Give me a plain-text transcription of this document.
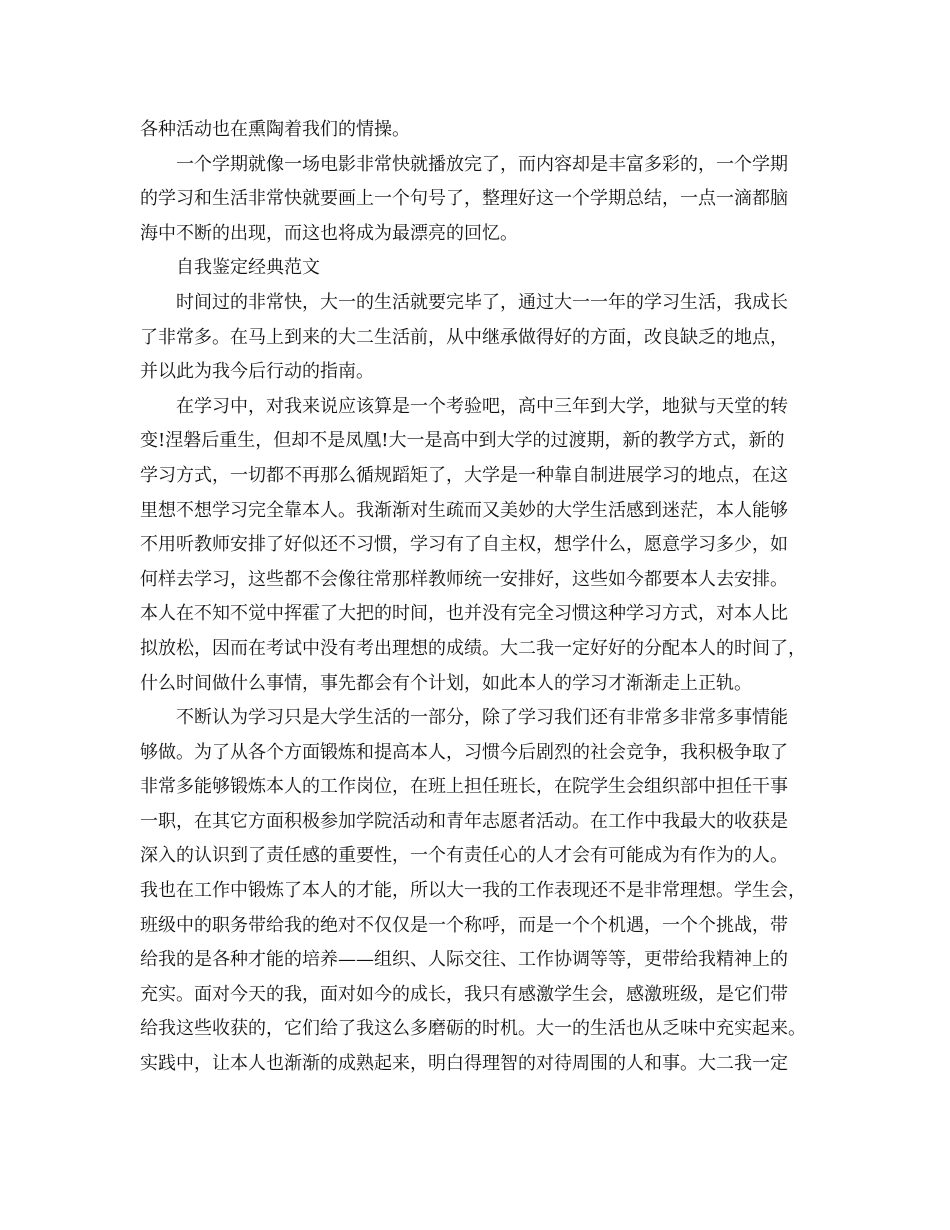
各种活动也在熏陶着我们的情操。
一个学期就像一场电影非常快就播放完了，而内容却是丰富多彩的，一个学期
的学习和生活非常快就要画上一个句号了，整理好这一个学期总结，一点一滴都脑
海中不断的出现，而这也将成为最漂亮的回忆。
自我鉴定经典范文
时间过的非常快，大一的生活就要完毕了，通过大一一年的学习生活，我成长
了非常多。在马上到来的大二生活前，从中继承做得好的方面，改良缺乏的地点，
并以此为我今后行动的指南。
在学习中，对我来说应该算是一个考验吧，高中三年到大学，地狱与天堂的转
变!涅磐后重生，但却不是凤凰!大一是高中到大学的过渡期，新的教学方式，新的
学习方式，一切都不再那么循规蹈矩了，大学是一种靠自制进展学习的地点，在这
里想不想学习完全靠本人。我渐渐对生疏而又美妙的大学生活感到迷茫，本人能够
不用听教师安排了好似还不习惯，学习有了自主权，想学什么，愿意学习多少，如
何样去学习，这些都不会像往常那样教师统一安排好，这些如今都要本人去安排。
本人在不知不觉中挥霍了大把的时间，也并没有完全习惯这种学习方式，对本人比
拟放松，因而在考试中没有考出理想的成绩。大二我一定好好的分配本人的时间了，
什么时间做什么事情，事先都会有个计划，如此本人的学习才渐渐走上正轨。
不断认为学习只是大学生活的一部分，除了学习我们还有非常多非常多事情能
够做。为了从各个方面锻炼和提高本人，习惯今后剧烈的社会竞争，我积极争取了
非常多能够锻炼本人的工作岗位，在班上担任班长，在院学生会组织部中担任干事
一职，在其它方面积极参加学院活动和青年志愿者活动。在工作中我最大的收获是
深入的认识到了责任感的重要性，一个有责任心的人才会有可能成为有作为的人。
我也在工作中锻炼了本人的才能，所以大一我的工作表现还不是非常理想。学生会，
班级中的职务带给我的绝对不仅仅是一个称呼，而是一个个机遇，一个个挑战，带
给我的是各种才能的培养——组织、人际交往、工作协调等等，更带给我精神上的
充实。面对今天的我，面对如今的成长，我只有感激学生会，感激班级，是它们带
给我这些收获的，它们给了我这么多磨砺的时机。大一的生活也从乏味中充实起来。
实践中，让本人也渐渐的成熟起来，明白得理智的对待周围的人和事。大二我一定
